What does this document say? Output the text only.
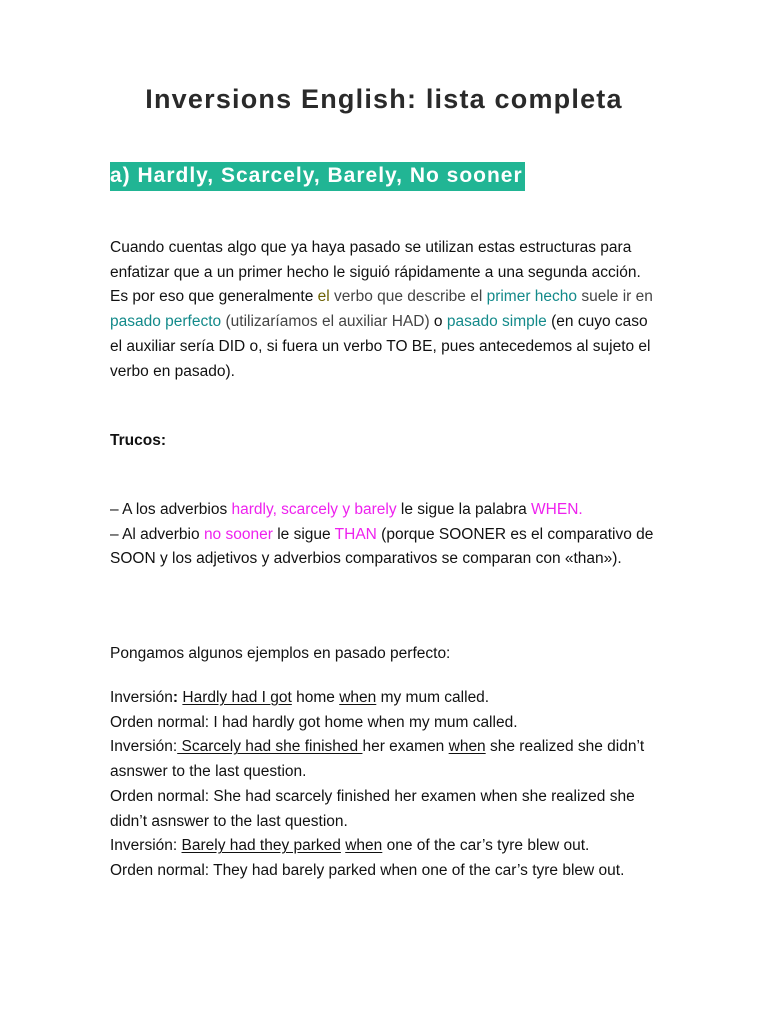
Inversions English: lista completa
a) Hardly, Scarcely, Barely, No sooner
Cuando cuentas algo que ya haya pasado se utilizan estas estructuras para enfatizar que a un primer hecho le siguió rápidamente a una segunda acción. Es por eso que generalmente el verbo que describe el primer hecho suele ir en pasado perfecto (utilizaríamos el auxiliar HAD) o pasado simple (en cuyo caso el auxiliar sería DID o, si fuera un verbo TO BE, pues antecedemos al sujeto el verbo en pasado).
Trucos:
– A los adverbios hardly, scarcely y barely le sigue la palabra WHEN.
– Al adverbio no sooner le sigue THAN (porque SOONER es el comparativo de SOON y los adjetivos y adverbios comparativos se comparan con «than»).
Pongamos algunos ejemplos en pasado perfecto:
Inversión: Hardly had I got home when my mum called.
Orden normal: I had hardly got home when my mum called.
Inversión: Scarcely had she finished her examen when she realized she didn’t asnswer to the last question.
Orden normal: She had scarcely finished her examen when she realized she didn’t asnswer to the last question.
Inversión: Barely had they parked when one of the car’s tyre blew out.
Orden normal: They had barely parked when one of the car’s tyre blew out.
